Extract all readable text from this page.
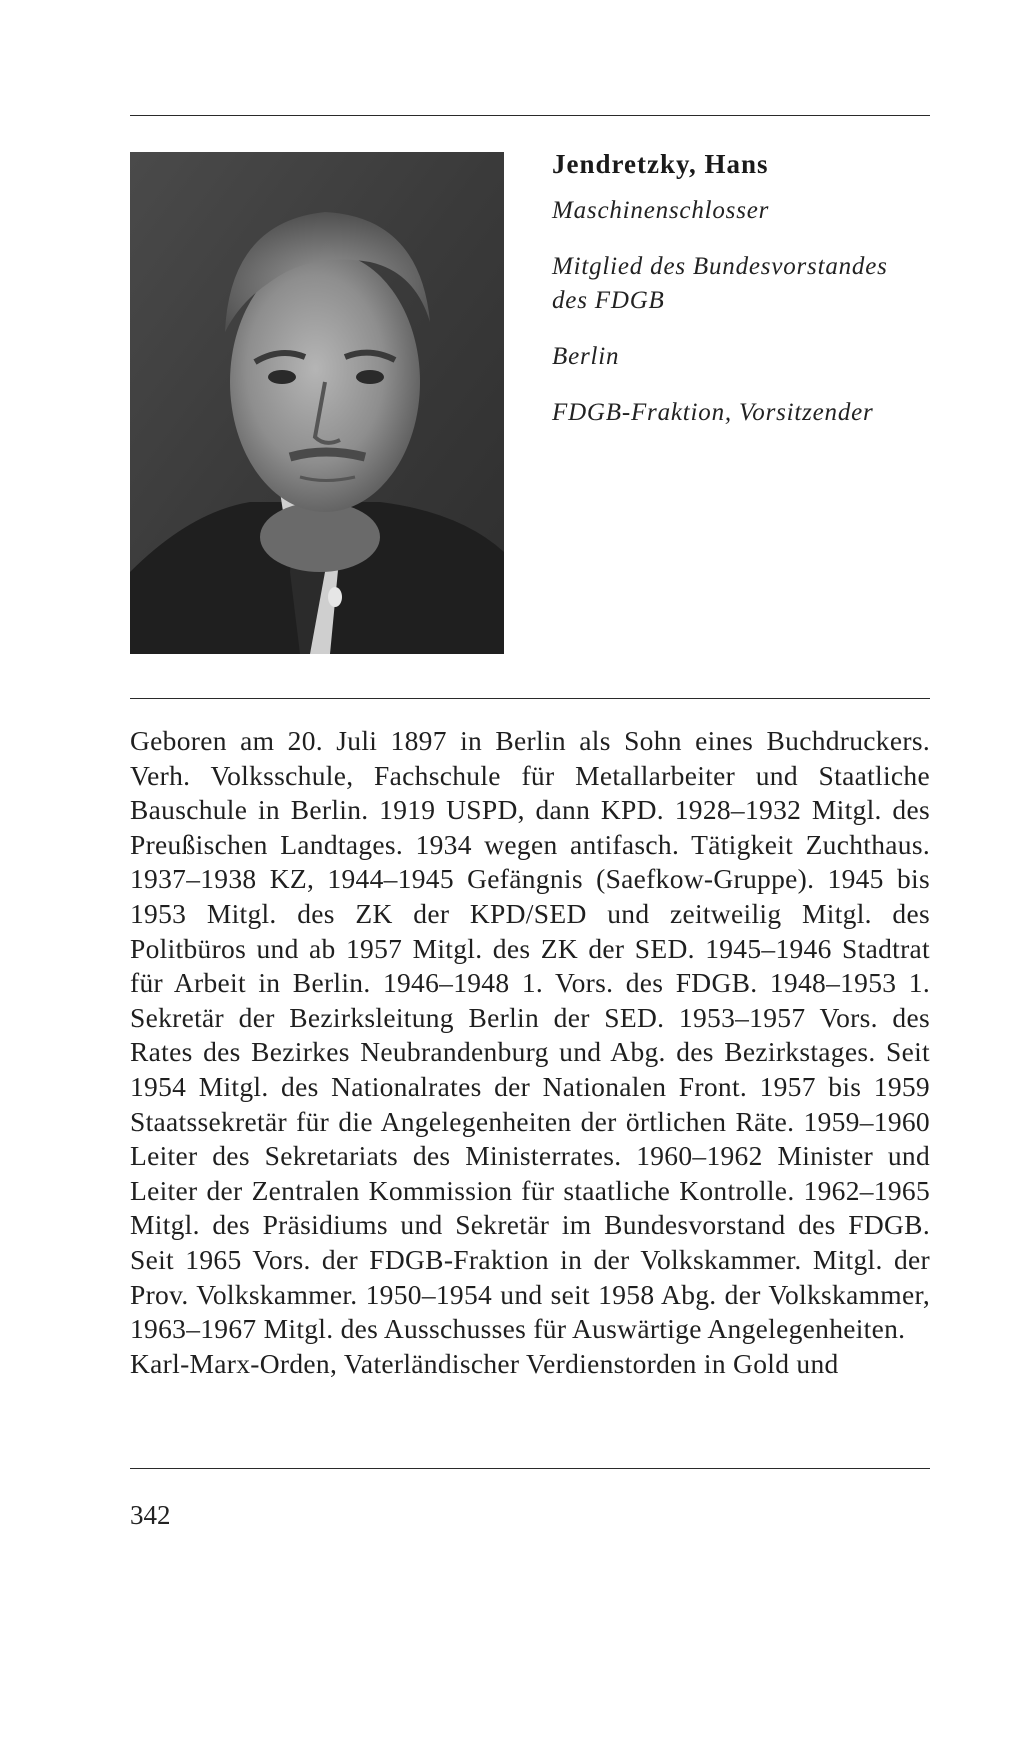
Jendretzky, Hans
Maschinenschlosser
Mitglied des Bundesvorstandes
des FDGB
Berlin
FDGB-Fraktion, Vorsitzender

Geboren am 20. Juli 1897 in Berlin als Sohn eines Buchdruckers. Verh. Volksschule, Fachschule für Metallarbeiter und Staatliche Bauschule in Berlin. 1919 USPD, dann KPD. 1928–1932 Mitgl. des Preußischen Landtages. 1934 wegen antifasch. Tätigkeit Zuchthaus. 1937–1938 KZ, 1944–1945 Gefängnis (Saefkow-Gruppe). 1945 bis 1953 Mitgl. des ZK der KPD/SED und zeitweilig Mitgl. des Politbüros und ab 1957 Mitgl. des ZK der SED. 1945–1946 Stadtrat für Arbeit in Berlin. 1946–1948 1. Vors. des FDGB. 1948–1953 1. Sekretär der Bezirksleitung Berlin der SED. 1953–1957 Vors. des Rates des Bezirkes Neubrandenburg und Abg. des Bezirkstages. Seit 1954 Mitgl. des Nationalrates der Nationalen Front. 1957 bis 1959 Staatssekretär für die Angelegenheiten der örtlichen Räte. 1959–1960 Leiter des Sekretariats des Ministerrates. 1960–1962 Minister und Leiter der Zentralen Kommission für staatliche Kontrolle. 1962–1965 Mitgl. des Präsidiums und Sekretär im Bundesvorstand des FDGB. Seit 1965 Vors. der FDGB-Fraktion in der Volkskammer. Mitgl. der Prov. Volkskammer. 1950–1954 und seit 1958 Abg. der Volkskammer, 1963–1967 Mitgl. des Ausschusses für Auswärtige Angelegenheiten.

Karl-Marx-Orden, Vaterländischer Verdienstorden in Gold und

342
